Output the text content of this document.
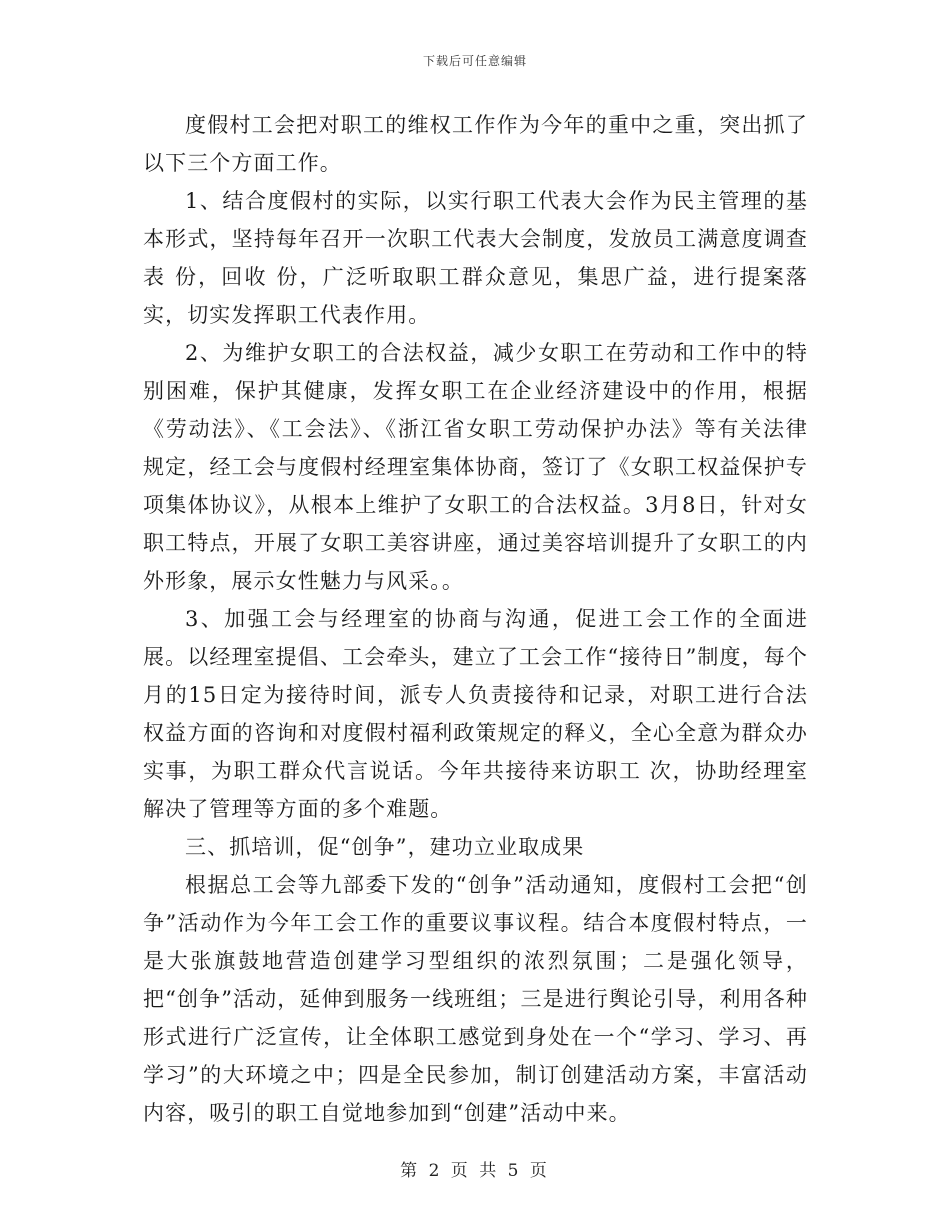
下载后可任意编辑

度假村工会把对职工的维权工作作为今年的重中之重，突出抓了以下三个方面工作。

1、结合度假村的实际，以实行职工代表大会作为民主管理的基本形式，坚持每年召开一次职工代表大会制度，发放员工满意度调查表 份，回收 份，广泛听取职工群众意见，集思广益，进行提案落实，切实发挥职工代表作用。

2、为维护女职工的合法权益，减少女职工在劳动和工作中的特别困难，保护其健康，发挥女职工在企业经济建设中的作用，根据《劳动法》、《工会法》、《浙江省女职工劳动保护办法》等有关法律规定，经工会与度假村经理室集体协商，签订了《女职工权益保护专项集体协议》，从根本上维护了女职工的合法权益。3月8日，针对女职工特点，开展了女职工美容讲座，通过美容培训提升了女职工的内外形象，展示女性魅力与风采。。

3、加强工会与经理室的协商与沟通，促进工会工作的全面进展。以经理室提倡、工会牵头，建立了工会工作“接待日”制度，每个月的15日定为接待时间，派专人负责接待和记录，对职工进行合法权益方面的咨询和对度假村福利政策规定的释义，全心全意为群众办实事，为职工群众代言说话。今年共接待来访职工 次，协助经理室解决了管理等方面的多个难题。

三、抓培训，促“创争”，建功立业取成果

根据总工会等九部委下发的“创争”活动通知，度假村工会把“创争”活动作为今年工会工作的重要议事议程。结合本度假村特点，一是大张旗鼓地营造创建学习型组织的浓烈氛围；二是强化领导，把“创争”活动，延伸到服务一线班组；三是进行舆论引导，利用各种形式进行广泛宣传，让全体职工感觉到身处在一个“学习、学习、再学习”的大环境之中；四是全民参加，制订创建活动方案，丰富活动内容，吸引的职工自觉地参加到“创建”活动中来。

第 2 页 共 5 页
